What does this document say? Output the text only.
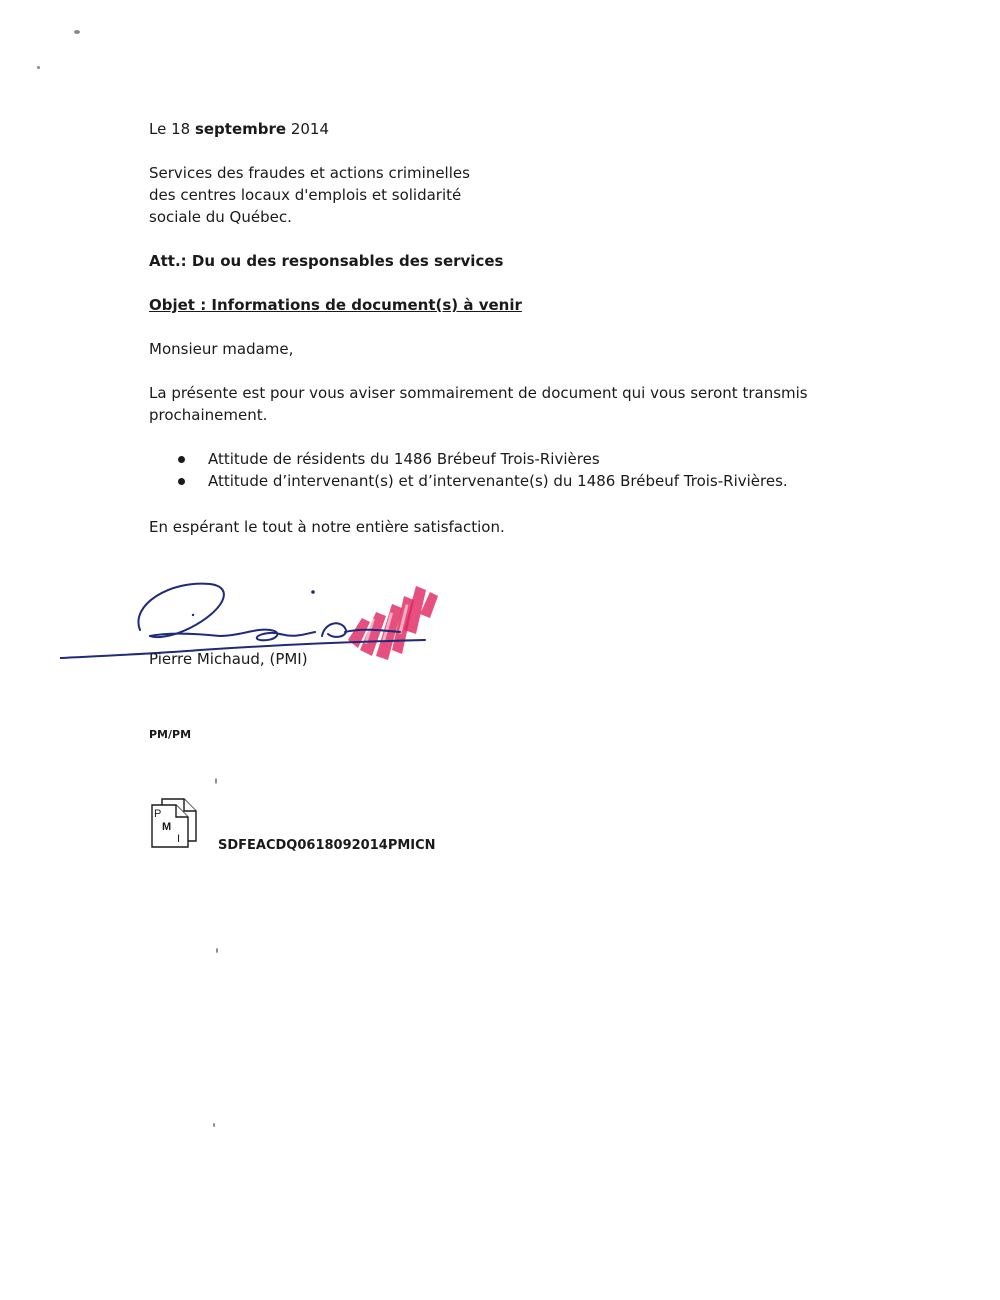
Le 18 septembre 2014
Services des fraudes et actions criminelles
des centres locaux d'emplois et solidarité
sociale du Québec.
Att.: Du ou des responsables des services
Objet : Informations de document(s) à venir
Monsieur madame,
La présente est pour vous aviser sommairement de document qui vous seront transmis
prochainement.
Attitude de résidents du 1486 Brébeuf Trois-Rivières
Attitude d’intervenant(s) et d’intervenante(s) du 1486 Brébeuf Trois-Rivières.
En espérant le tout à notre entière satisfaction.
Pierre Michaud, (PMI)
PM/PM
P
M
I	SDFEACDQ0618092014PMICN
